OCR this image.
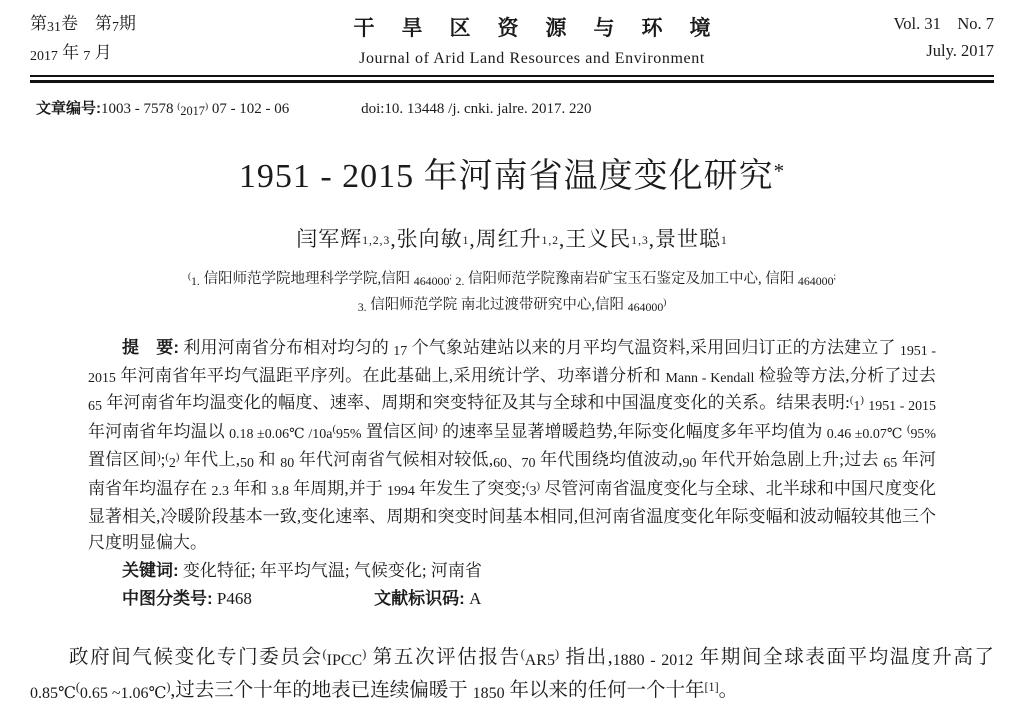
第31卷　第7期
2017 年 7 月
干旱区资源与环境
Journal of Arid Land Resources and Environment
Vol. 31  No. 7
July. 2017
文章编号:1003 - 7578 (2017) 07 - 102 - 06	doi:10. 13448 /j. cnki. jalre. 2017. 220
1951 - 2015 年河南省温度变化研究*
闫军辉1,2,3,张向敏1,周红升1,2,王义民1,3,景世聪1
(1. 信阳师范学院地理科学学院,信阳 464000; 2. 信阳师范学院豫南岩矿宝玉石鉴定及加工中心, 信阳 464000;
3. 信阳师范学院 南北过渡带研究中心,信阳 464000)
提　要: 利用河南省分布相对均匀的 17 个气象站建站以来的月平均气温资料,采用回归订正的方法建立了 1951 - 2015 年河南省年平均气温距平序列。在此基础上,采用统计学、功率谱分析和 Mann - Kendall 检验等方法,分析了过去 65 年河南省年均温变化的幅度、速率、周期和突变特征及其与全球和中国温度变化的关系。结果表明:(1) 1951 - 2015 年河南省年均温以 0.18 ±0.06℃ /10a(95% 置信区间) 的速率呈显著增暖趋势,年际变化幅度多年平均值为 0.46 ±0.07℃ (95% 置信区间);(2) 年代上,50 和 80 年代河南省气候相对较低,60、70 年代围绕均值波动,90 年代开始急剧上升;过去 65 年河南省年均温存在 2.3 年和 3.8 年周期,并于 1994 年发生了突变;(3) 尽管河南省温度变化与全球、北半球和中国尺度变化显著相关,冷暖阶段基本一致,变化速率、周期和突变时间基本相同,但河南省温度变化年际变幅和波动幅较其他三个尺度明显偏大。
关键词: 变化特征; 年平均气温; 气候变化; 河南省
中图分类号: P468	文献标识码: A

政府间气候变化专门委员会(IPCC) 第五次评估报告(AR5) 指出,1880 - 2012 年期间全球表面平均温度升高了 0.85℃(0.65 ~1.06℃),过去三个十年的地表已连续偏暖于 1850 年以来的任何一个十年[1]。
